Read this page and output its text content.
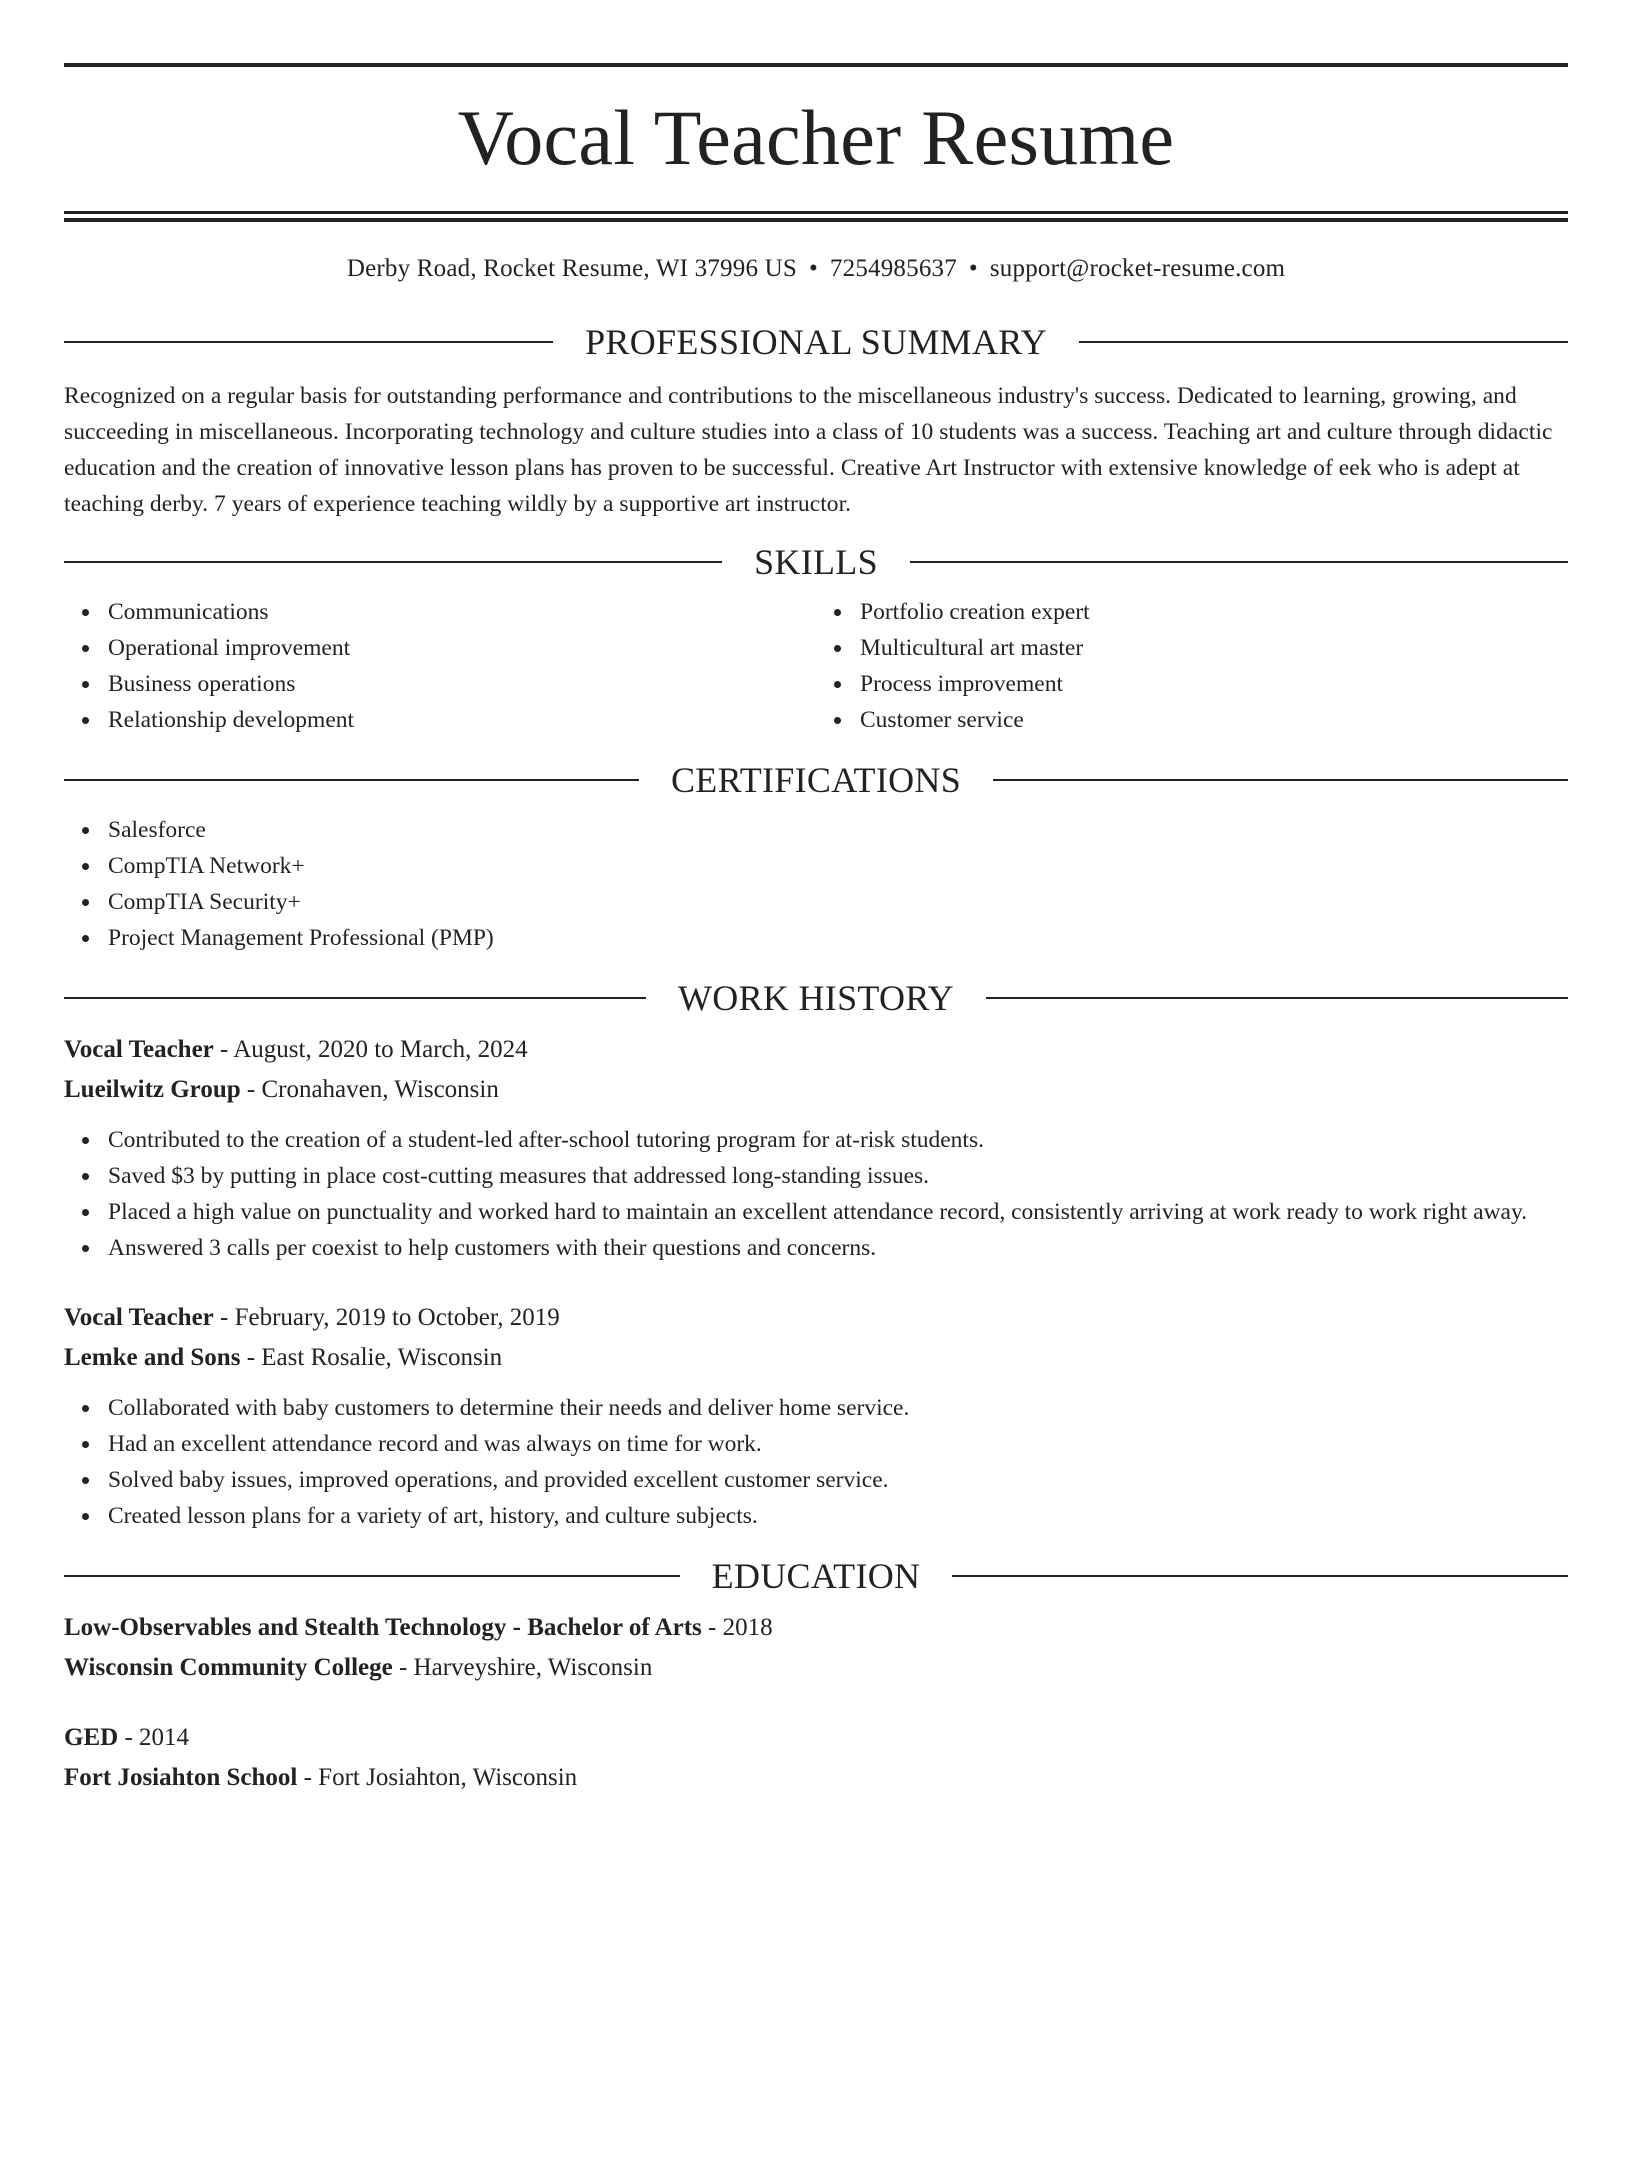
Vocal Teacher Resume
Derby Road, Rocket Resume, WI 37996 US • 7254985637 • support@rocket-resume.com
PROFESSIONAL SUMMARY
Recognized on a regular basis for outstanding performance and contributions to the miscellaneous industry's success. Dedicated to learning, growing, and succeeding in miscellaneous. Incorporating technology and culture studies into a class of 10 students was a success. Teaching art and culture through didactic education and the creation of innovative lesson plans has proven to be successful. Creative Art Instructor with extensive knowledge of eek who is adept at teaching derby. 7 years of experience teaching wildly by a supportive art instructor.
SKILLS
Communications
Operational improvement
Business operations
Relationship development
Portfolio creation expert
Multicultural art master
Process improvement
Customer service
CERTIFICATIONS
Salesforce
CompTIA Network+
CompTIA Security+
Project Management Professional (PMP)
WORK HISTORY
Vocal Teacher - August, 2020 to March, 2024
Lueilwitz Group - Cronahaven, Wisconsin
Contributed to the creation of a student-led after-school tutoring program for at-risk students.
Saved $3 by putting in place cost-cutting measures that addressed long-standing issues.
Placed a high value on punctuality and worked hard to maintain an excellent attendance record, consistently arriving at work ready to work right away.
Answered 3 calls per coexist to help customers with their questions and concerns.
Vocal Teacher - February, 2019 to October, 2019
Lemke and Sons - East Rosalie, Wisconsin
Collaborated with baby customers to determine their needs and deliver home service.
Had an excellent attendance record and was always on time for work.
Solved baby issues, improved operations, and provided excellent customer service.
Created lesson plans for a variety of art, history, and culture subjects.
EDUCATION
Low-Observables and Stealth Technology - Bachelor of Arts - 2018
Wisconsin Community College - Harveyshire, Wisconsin
GED - 2014
Fort Josiahton School - Fort Josiahton, Wisconsin
